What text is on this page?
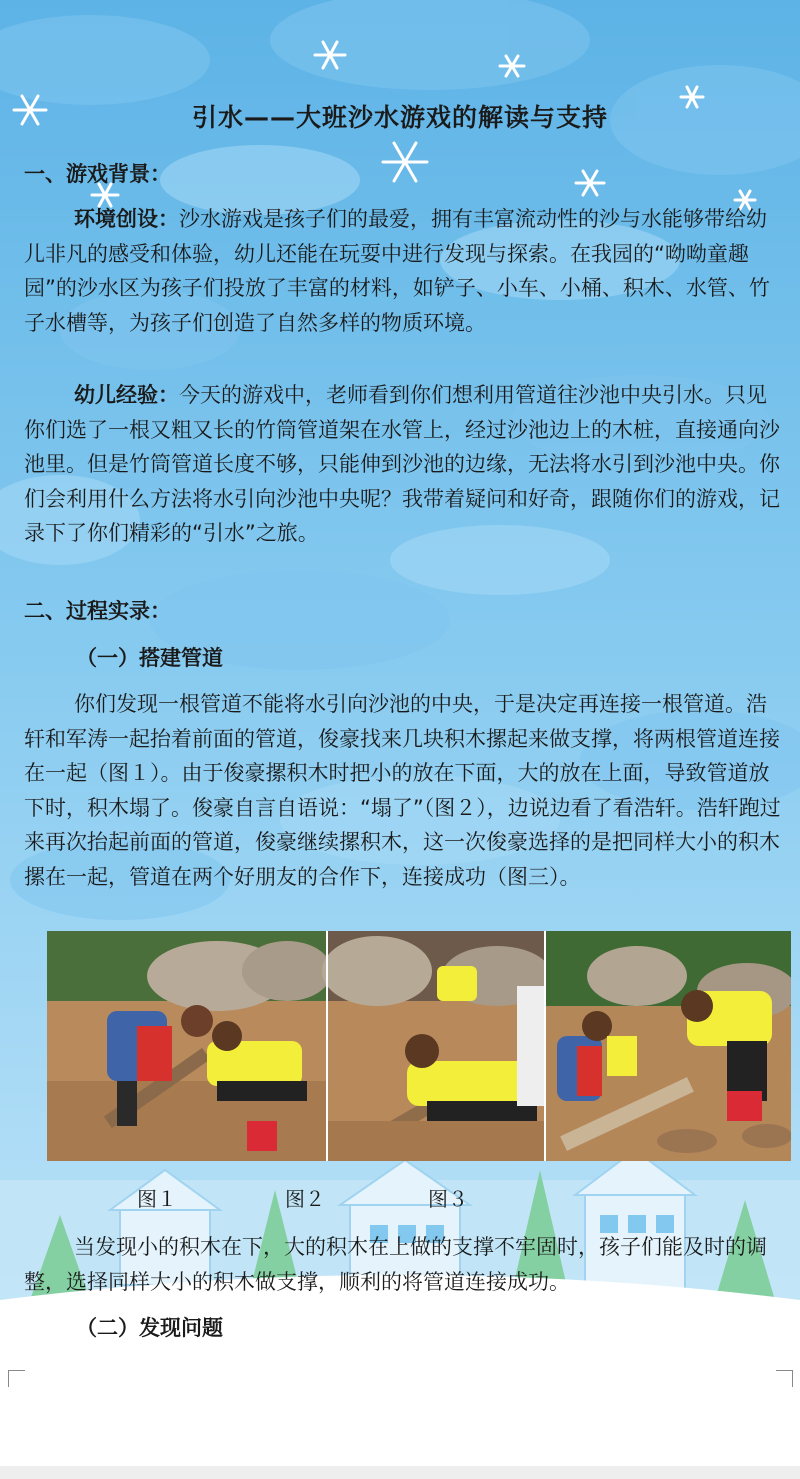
引水——大班沙水游戏的解读与支持
一、游戏背景：

环境创设：沙水游戏是孩子们的最爱，拥有丰富流动性的沙与水能够带给幼儿非凡的感受和体验，幼儿还能在玩耍中进行发现与探索。在我园的“呦呦童趣园”的沙水区为孩子们投放了丰富的材料，如铲子、小车、小桶、积木、水管、竹子水槽等，为孩子们创造了自然多样的物质环境。

幼儿经验：今天的游戏中，老师看到你们想利用管道往沙池中央引水。只见你们选了一根又粗又长的竹筒管道架在水管上，经过沙池边上的木桩，直接通向沙池里。但是竹筒管道长度不够，只能伸到沙池的边缘，无法将水引到沙池中央。你们会利用什么方法将水引向沙池中央呢？我带着疑问和好奇，跟随你们的游戏，记录下了你们精彩的“引水”之旅。

二、过程实录：
（一）搭建管道

你们发现一根管道不能将水引向沙池的中央，于是决定再连接一根管道。浩轩和军涛一起抬着前面的管道，俊豪找来几块积木摞起来做支撑，将两根管道连接在一起（图１）。由于俊豪摞积木时把小的放在下面，大的放在上面，导致管道放下时，积木塌了。俊豪自言自语说：“塌了”（图２），边说边看了看浩轩。浩轩跑过来再次抬起前面的管道，俊豪继续摞积木，这一次俊豪选择的是把同样大小的积木摞在一起，管道在两个好朋友的合作下，连接成功（图三）。

图１	图２	图３

当发现小的积木在下，大的积木在上做的支撑不牢固时，孩子们能及时的调整，选择同样大小的积木做支撑，顺利的将管道连接成功。

（二）发现问题
